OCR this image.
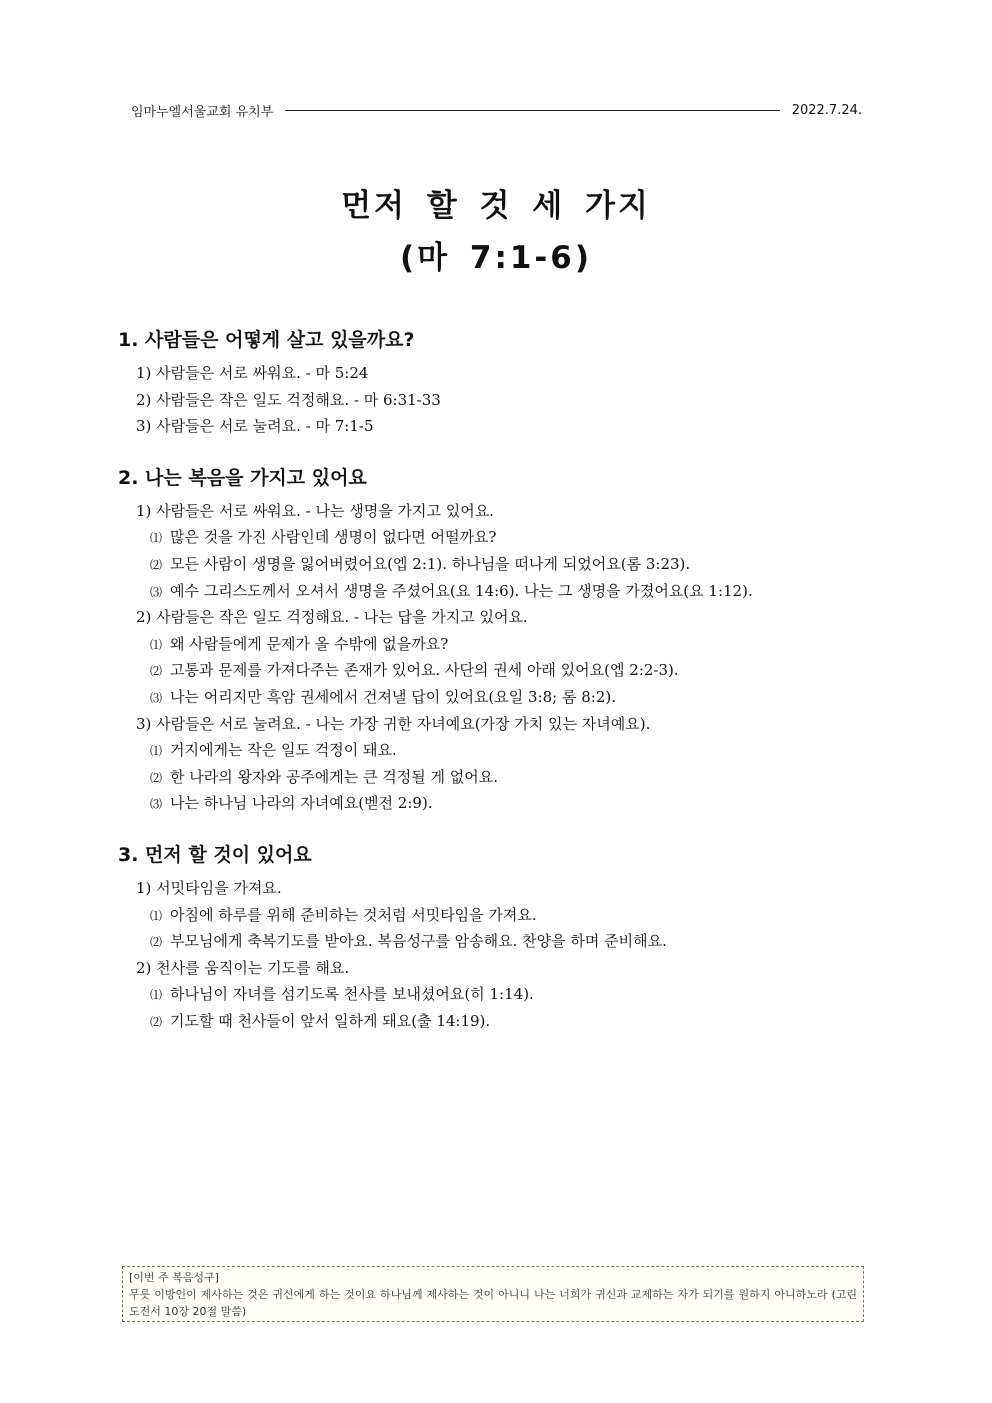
임마누엘서울교회 유치부	2022.7.24.
먼저 할 것 세 가지
(마 7:1-6)
1. 사람들은 어떻게 살고 있을까요?
1) 사람들은 서로 싸워요. - 마 5:24
2) 사람들은 작은 일도 걱정해요. - 마 6:31-33
3) 사람들은 서로 눌려요. - 마 7:1-5
2. 나는 복음을 가지고 있어요
1) 사람들은 서로 싸워요. - 나는 생명을 가지고 있어요.
⑴ 많은 것을 가진 사람인데 생명이 없다면 어떨까요?
⑵ 모든 사람이 생명을 잃어버렸어요(엡 2:1). 하나님을 떠나게 되었어요(롬 3:23).
⑶ 예수 그리스도께서 오셔서 생명을 주셨어요(요 14:6). 나는 그 생명을 가졌어요(요 1:12).
2) 사람들은 작은 일도 걱정해요. - 나는 답을 가지고 있어요.
⑴ 왜 사람들에게 문제가 올 수밖에 없을까요?
⑵ 고통과 문제를 가져다주는 존재가 있어요. 사단의 권세 아래 있어요(엡 2:2-3).
⑶ 나는 어리지만 흑암 권세에서 건져낼 답이 있어요(요일 3:8; 롬 8:2).
3) 사람들은 서로 눌려요. - 나는 가장 귀한 자녀예요(가장 가치 있는 자녀예요).
⑴ 거지에게는 작은 일도 걱정이 돼요.
⑵ 한 나라의 왕자와 공주에게는 큰 걱정될 게 없어요.
⑶ 나는 하나님 나라의 자녀예요(벧전 2:9).
3. 먼저 할 것이 있어요
1) 서밋타임을 가져요.
⑴ 아침에 하루를 위해 준비하는 것처럼 서밋타임을 가져요.
⑵ 부모님에게 축복기도를 받아요. 복음성구를 암송해요. 찬양을 하며 준비해요.
2) 천사를 움직이는 기도를 해요.
⑴ 하나님이 자녀를 섬기도록 천사를 보내셨어요(히 1:14).
⑵ 기도할 때 천사들이 앞서 일하게 돼요(출 14:19).
[이번 주 복음성구]
무릇 이방인이 제사하는 것은 귀신에게 하는 것이요 하나님께 제사하는 것이 아니니 나는 너희가 귀신과 교제하는 자가 되기를 원하지 아니하노라 (고린도전서 10장 20절 말씀)
